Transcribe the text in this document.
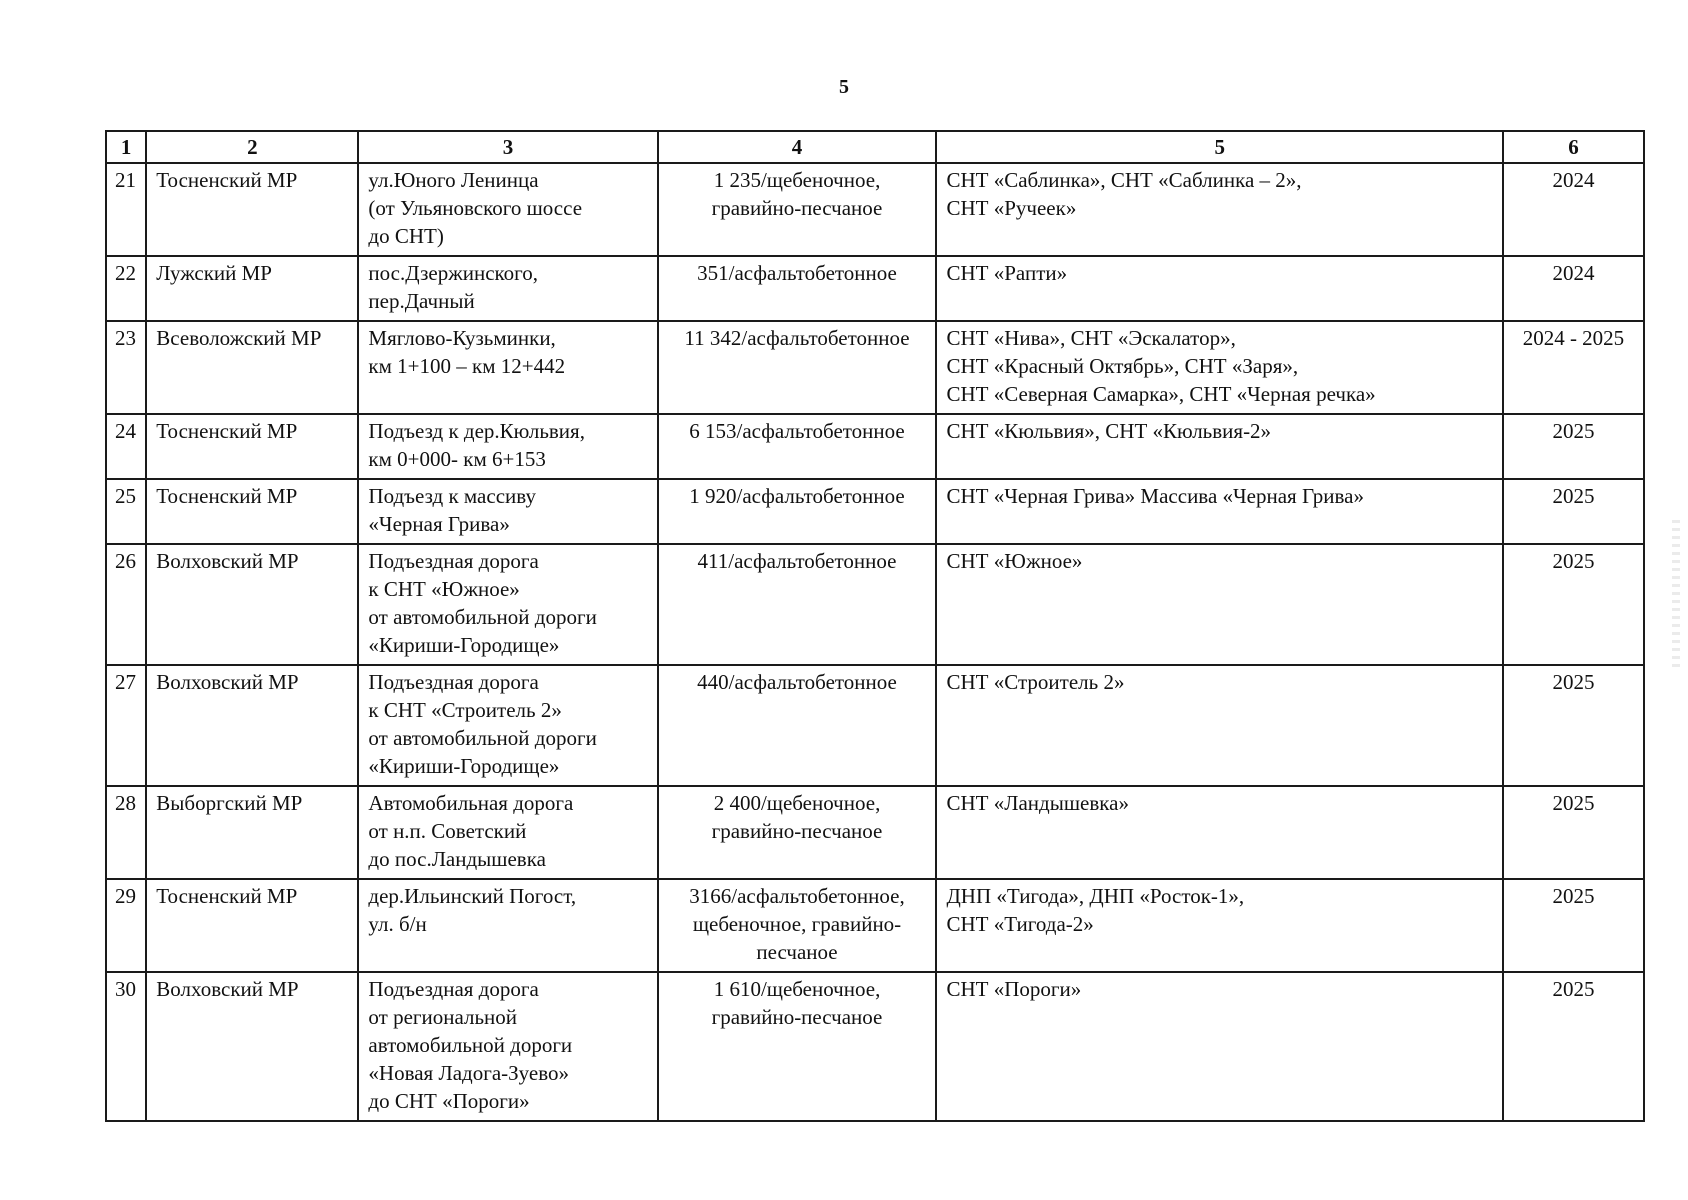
5
1	2	3	4	5	6
21	Тосненский МР	ул.Юного Ленинца
(от Ульяновского шоссе
до СНТ)	1 235/щебеночное,
гравийно-песчаное	СНТ «Саблинка», СНТ «Саблинка – 2»,
СНТ «Ручеек»	2024
22	Лужский МР	пос.Дзержинского,
пер.Дачный	351/асфальтобетонное	СНТ «Рапти»	2024
23	Всеволожский МР	Мяглово-Кузьминки,
км 1+100 – км 12+442	11 342/асфальтобетонное	СНТ «Нива», СНТ «Эскалатор»,
СНТ «Красный Октябрь», СНТ «Заря»,
СНТ «Северная Самарка», СНТ «Черная речка»	2024 - 2025
24	Тосненский МР	Подъезд к дер.Кюльвия,
км 0+000- км 6+153	6 153/асфальтобетонное	СНТ «Кюльвия», СНТ «Кюльвия-2»	2025
25	Тосненский МР	Подъезд к массиву
«Черная Грива»	1 920/асфальтобетонное	СНТ «Черная Грива» Массива «Черная Грива»	2025
26	Волховский МР	Подъездная дорога
к СНТ «Южное»
от автомобильной дороги
«Кириши-Городище»	411/асфальтобетонное	СНТ «Южное»	2025
27	Волховский МР	Подъездная дорога
к СНТ «Строитель 2»
от автомобильной дороги
«Кириши-Городище»	440/асфальтобетонное	СНТ «Строитель 2»	2025
28	Выборгский МР	Автомобильная дорога
от н.п. Советский
до пос.Ландышевка	2 400/щебеночное,
гравийно-песчаное	СНТ «Ландышевка»	2025
29	Тосненский МР	дер.Ильинский Погост,
ул. б/н	3166/асфальтобетонное,
щебеночное, гравийно-
песчаное	ДНП «Тигода», ДНП «Росток-1»,
СНТ «Тигода-2»	2025
30	Волховский МР	Подъездная дорога
от региональной
автомобильной дороги
«Новая Ладога-Зуево»
до СНТ «Пороги»	1 610/щебеночное,
гравийно-песчаное	СНТ «Пороги»	2025
